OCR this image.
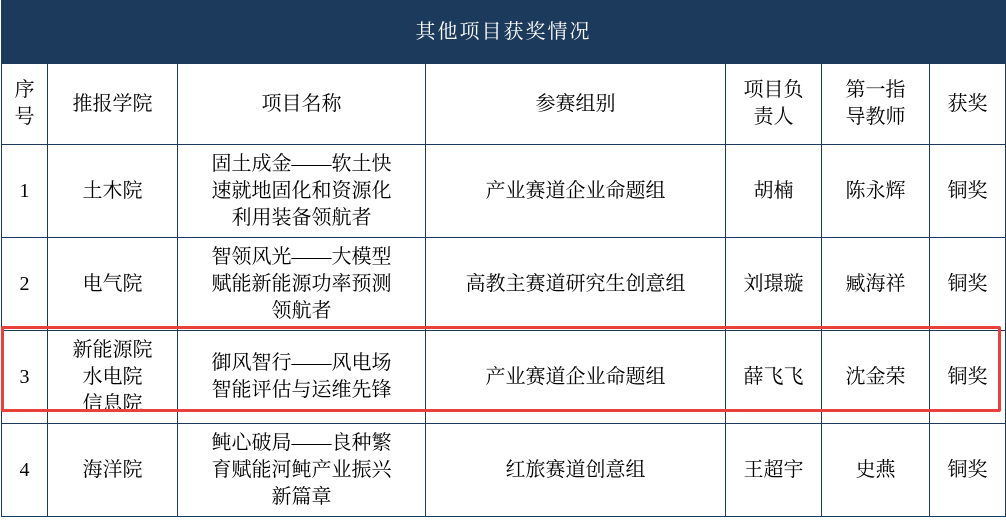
其他项目获奖情况						

序
号	推报学院	项目名称	参赛组别	项目负
责人	第一指
导教师	获奖
1	土木院	固土成金——软土快
速就地固化和资源化
利用装备领航者	产业赛道企业命题组	胡楠	陈永辉	铜奖
2	电气院	智领风光——大模型
赋能新能源功率预测
领航者	高教主赛道研究生创意组	刘璟璇	臧海祥	铜奖
3	新能源院
水电院
信息院	御风智行——风电场
智能评估与运维先锋	产业赛道企业命题组	薛飞飞	沈金荣	铜奖
4	海洋院	鲀心破局——良种繁
育赋能河鲀产业振兴
新篇章	红旅赛道创意组	王超宇	史燕	铜奖
